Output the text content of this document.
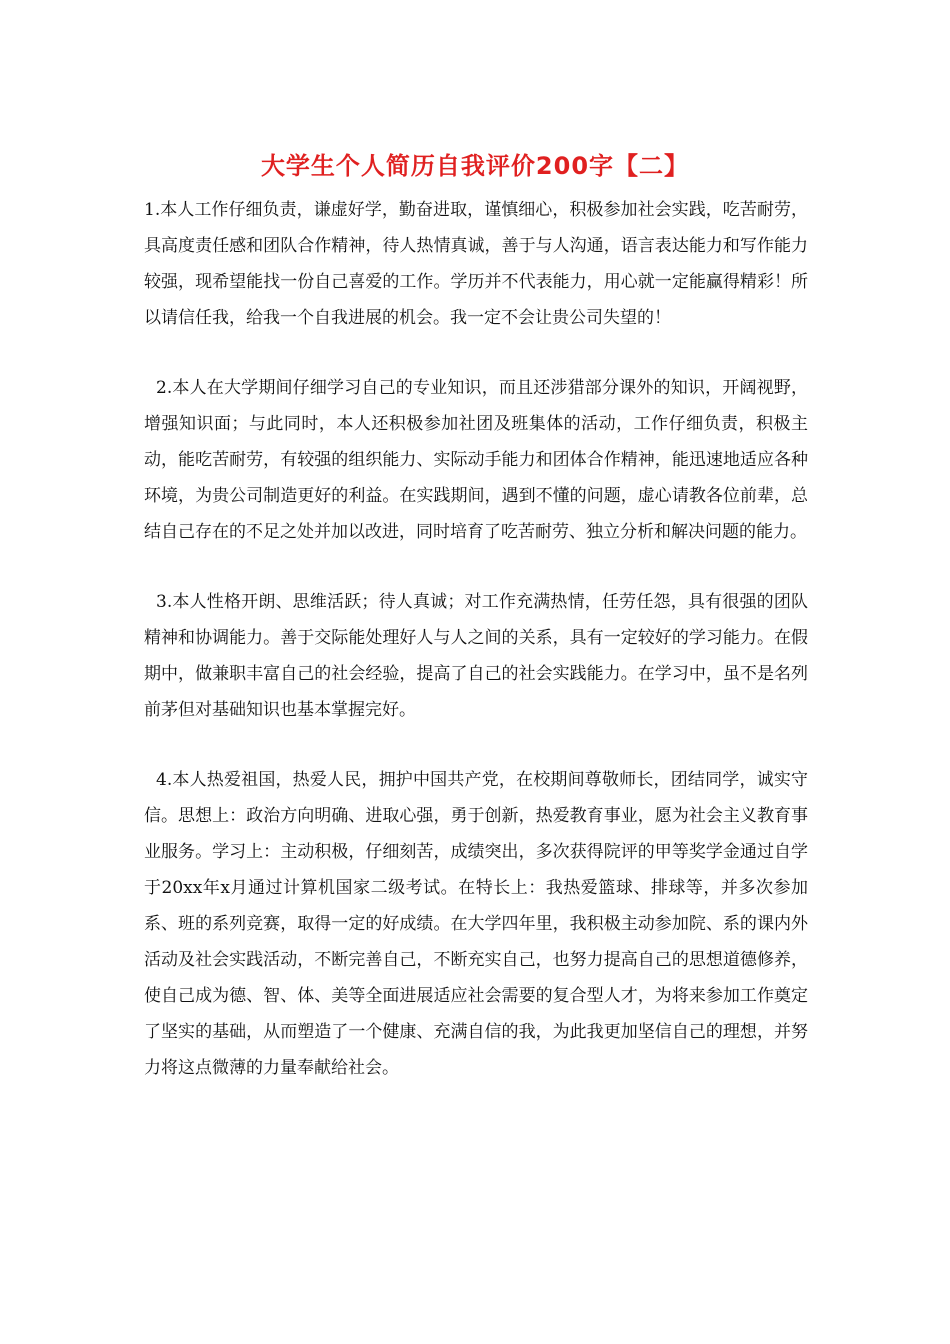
大学生个人简历自我评价200字【二】

1.本人工作仔细负责，谦虚好学，勤奋进取，谨慎细心，积极参加社会实践，吃苦耐劳，具高度责任感和团队合作精神，待人热情真诚，善于与人沟通，语言表达能力和写作能力较强，现希望能找一份自己喜爱的工作。学历并不代表能力，用心就一定能赢得精彩！所以请信任我，给我一个自我进展的机会。我一定不会让贵公司失望的！

2.本人在大学期间仔细学习自己的专业知识，而且还涉猎部分课外的知识，开阔视野，增强知识面；与此同时，本人还积极参加社团及班集体的活动，工作仔细负责，积极主动，能吃苦耐劳，有较强的组织能力、实际动手能力和团体合作精神，能迅速地适应各种环境，为贵公司制造更好的利益。在实践期间，遇到不懂的问题，虚心请教各位前辈，总结自己存在的不足之处并加以改进，同时培育了吃苦耐劳、独立分析和解决问题的能力。

3.本人性格开朗、思维活跃；待人真诚；对工作充满热情，任劳任怨，具有很强的团队精神和协调能力。善于交际能处理好人与人之间的关系，具有一定较好的学习能力。在假期中，做兼职丰富自己的社会经验，提高了自己的社会实践能力。在学习中，虽不是名列前茅但对基础知识也基本掌握完好。

4.本人热爱祖国，热爱人民，拥护中国共产党，在校期间尊敬师长，团结同学，诚实守信。思想上：政治方向明确、进取心强，勇于创新，热爱教育事业，愿为社会主义教育事业服务。学习上：主动积极，仔细刻苦，成绩突出，多次获得院评的甲等奖学金通过自学于20xx年x月通过计算机国家二级考试。在特长上：我热爱篮球、排球等，并多次参加系、班的系列竞赛，取得一定的好成绩。在大学四年里，我积极主动参加院、系的课内外活动及社会实践活动，不断完善自己，不断充实自己，也努力提高自己的思想道德修养，使自己成为德、智、体、美等全面进展适应社会需要的复合型人才，为将来参加工作奠定了坚实的基础，从而塑造了一个健康、充满自信的我，为此我更加坚信自己的理想，并努力将这点微薄的力量奉献给社会。
